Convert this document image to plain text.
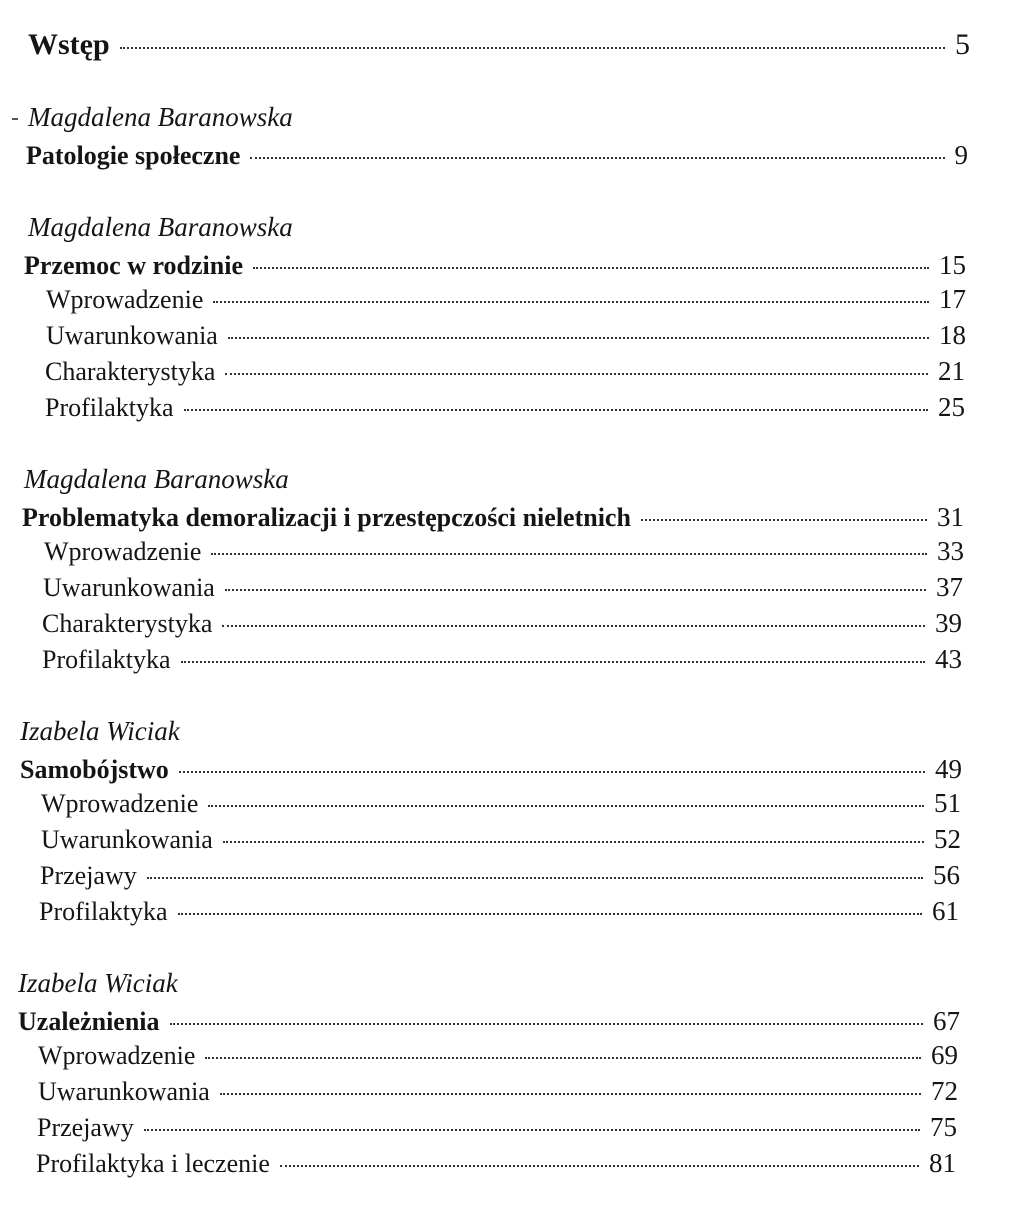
Wstęp	5
Magdalena Baranowska
Patologie społeczne	9
Magdalena Baranowska
Przemoc w rodzinie	15
Wprowadzenie	17
Uwarunkowania	18
Charakterystyka	21
Profilaktyka	25
Magdalena Baranowska
Problematyka demoralizacji i przestępczości nieletnich	31
Wprowadzenie	33
Uwarunkowania	37
Charakterystyka	39
Profilaktyka	43
Izabela Wiciak
Samobójstwo	49
Wprowadzenie	51
Uwarunkowania	52
Przejawy	56
Profilaktyka	61
Izabela Wiciak
Uzależnienia	67
Wprowadzenie	69
Uwarunkowania	72
Przejawy	75
Profilaktyka i leczenie	81
